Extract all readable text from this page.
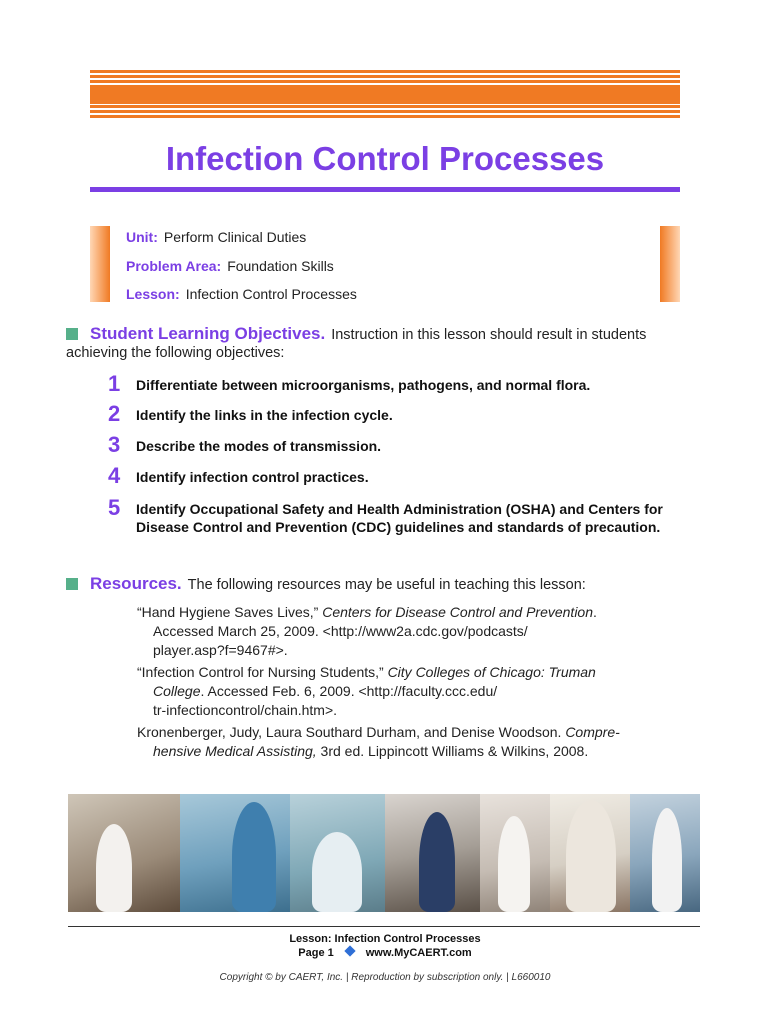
Infection Control Processes
Unit: Perform Clinical Duties
Problem Area: Foundation Skills
Lesson: Infection Control Processes
Student Learning Objectives. Instruction in this lesson should result in students
achieving the following objectives:
1 Differentiate between microorganisms, pathogens, and normal flora.
2 Identify the links in the infection cycle.
3 Describe the modes of transmission.
4 Identify infection control practices.
5 Identify Occupational Safety and Health Administration (OSHA) and Centers for Disease Control and Prevention (CDC) guidelines and standards of precaution.
Resources. The following resources may be useful in teaching this lesson:
“Hand Hygiene Saves Lives,” Centers for Disease Control and Prevention.
Accessed March 25, 2009. <http://www2a.cdc.gov/podcasts/
player.asp?f=9467#>.
“Infection Control for Nursing Students,” City Colleges of Chicago: Truman
College. Accessed Feb. 6, 2009. <http://faculty.ccc.edu/
tr-infectioncontrol/chain.htm>.
Kronenberger, Judy, Laura Southard Durham, and Denise Woodson. Compre-
hensive Medical Assisting, 3rd ed. Lippincott Williams & Wilkins, 2008.
Lesson: Infection Control Processes
Page 1	www.MyCAERT.com
Copyright © by CAERT, Inc. | Reproduction by subscription only. | L660010
